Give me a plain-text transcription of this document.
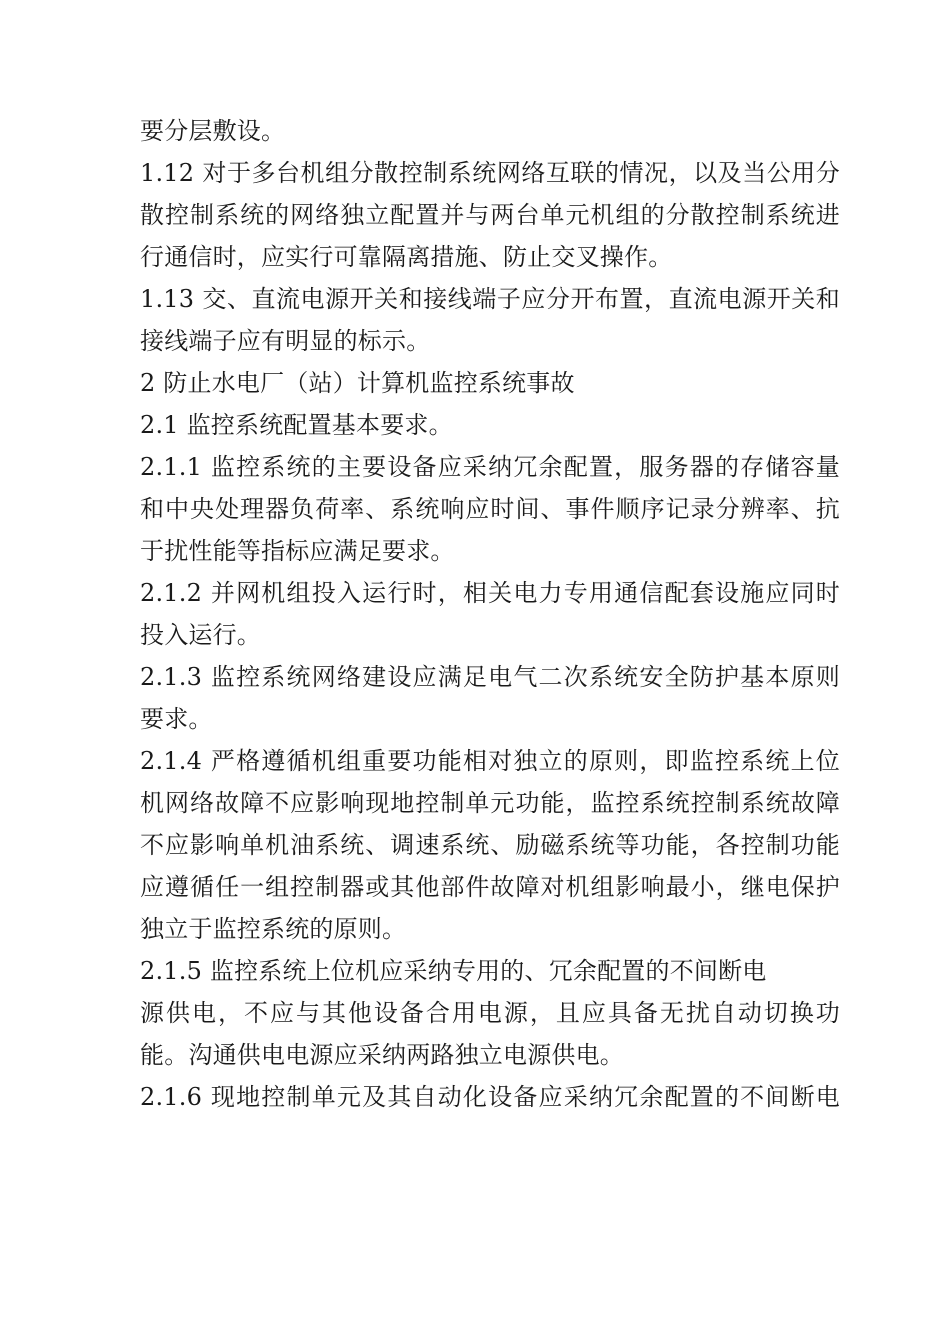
要分层敷设。
1.12 对于多台机组分散控制系统网络互联的情况，以及当公用分
散控制系统的网络独立配置并与两台单元机组的分散控制系统进
行通信时，应实行可靠隔离措施、防止交叉操作。
1.13 交、直流电源开关和接线端子应分开布置，直流电源开关和
接线端子应有明显的标示。
2 防止水电厂（站）计算机监控系统事故
2.1 监控系统配置基本要求。
2.1.1 监控系统的主要设备应采纳冗余配置，服务器的存储容量
和中央处理器负荷率、系统响应时间、事件顺序记录分辨率、抗
于扰性能等指标应满足要求。
2.1.2 并网机组投入运行时，相关电力专用通信配套设施应同时
投入运行。
2.1.3 监控系统网络建设应满足电气二次系统安全防护基本原则
要求。
2.1.4 严格遵循机组重要功能相对独立的原则，即监控系统上位
机网络故障不应影响现地控制单元功能，监控系统控制系统故障
不应影响单机油系统、调速系统、励磁系统等功能，各控制功能
应遵循任一组控制器或其他部件故障对机组影响最小，继电保护
独立于监控系统的原则。
2.1.5 监控系统上位机应采纳专用的、冗余配置的不间断电
源供电，不应与其他设备合用电源，且应具备无扰自动切换功
能。沟通供电电源应采纳两路独立电源供电。
2.1.6 现地控制单元及其自动化设备应采纳冗余配置的不间断电
